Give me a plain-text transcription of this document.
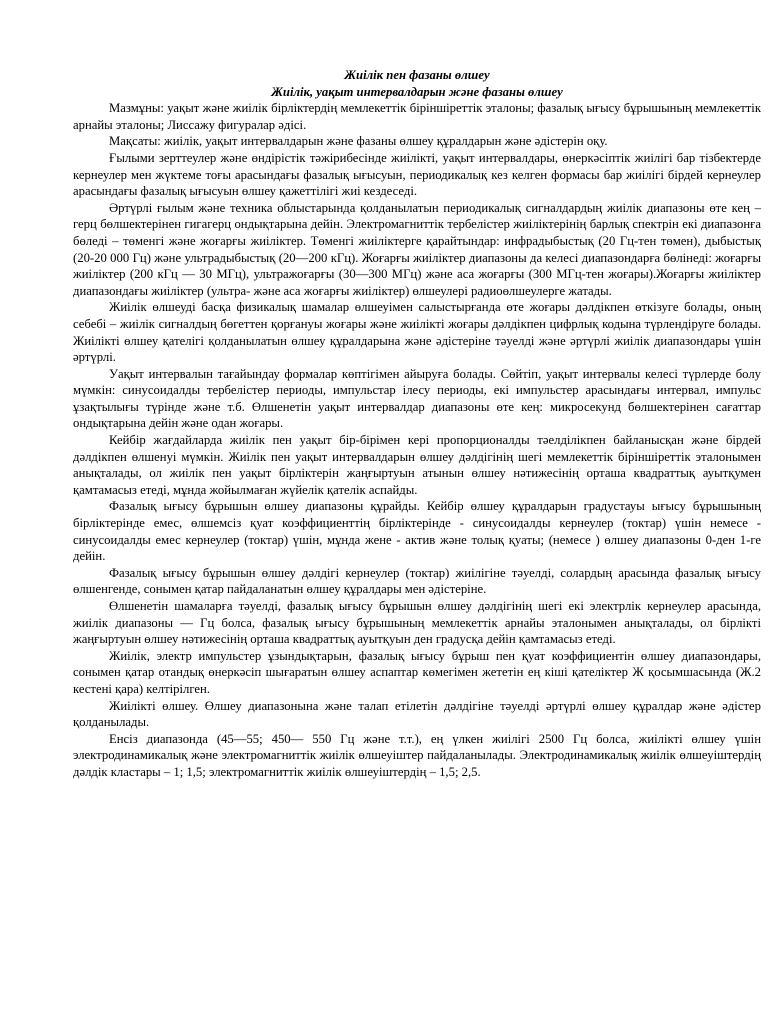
Жиілік пен фазаны өлшеу

Жиілік, уақыт интервалдарын және фазаны өлшеу

Мазмұны: уақыт және жиілік бірліктердің мемлекеттік біріншіреттік эталоны; фазалық ығысу бұрышының мемлекеттік арнайы эталоны; Лиссажу фигуралар әдісі.

Мақсаты: жиілік, уақыт интервалдарын және фазаны өлшеу құралдарын және әдістерін оқу.

Ғылыми зерттеулер және өндірістік тәжірибесінде жиілікті, уақыт интервалдары, өнеркәсіптік жиілігі бар тізбектерде кернеулер мен жүктеме тоғы арасындағы фазалық ығысуын, периодикалық кез келген формасы бар жиілігі бірдей кернеулер арасындағы фазалық ығысуын өлшеу қажеттілігі жиі кездеседі.

Әртүрлі ғылым және техника облыстарында қолданылатын периодикалық сигналдардың жиілік диапазоны өте кең – герц бөлшектерінен гигагерц ондықтарына дейін. Электромагниттік тербелістер жиіліктерінің барлық спектрін екі диапазонға бөледі – төменгі және жоғарғы жиіліктер. Төменгі жиіліктерге қарайтындар: инфрадыбыстық (20 Гц-тен төмен), дыбыстық (20-20 000 Гц) және ультрадыбыстық (20—200 кГц). Жоғарғы жиіліктер диапазоны да келесі диапазондарға бөлінеді: жоғарғы жиіліктер (200 кГц — 30 МГц), ультражоғарғы (30—300 МГц) және аса жоғарғы (300 МГц-тен жоғары).Жоғарғы жиіліктер диапазондағы жиіліктер (ультра- және аса жоғарғы жиіліктер) өлшеулері радиоөлшеулерге жатады.

Жиілік өлшеуді басқа физикалық шамалар өлшеуімен салыстырғанда өте жоғары дәлдікпен өткізуге болады, оның себебі – жиілік сигналдың бөгеттен қорғануы жоғары және жиілікті жоғары дәлдікпен цифрлық кодына түрлендіруге болады. Жиілікті өлшеу қателігі қолданылатын өлшеу құралдарына және әдістеріне тәуелді және әртүрлі жиілік диапазондары үшін әртүрлі.

Уақыт интервалын тағайындау формалар көптігімен айыруға болады. Сөйтіп, уақыт интервалы келесі түрлерде болу мүмкін: синусоидалды тербелістер периоды, импульстар ілесу периоды, екі импульстер арасындағы интервал, импульс ұзақтылығы түрінде және т.б. Өлшенетін уақыт интервалдар диапазоны өте кең: микросекунд бөлшектерінен сағаттар ондықтарына дейін және одан жоғары.

Кейбір жағдайларда жиілік пен уақыт бір-бірімен кері пропорционалды тәелділікпен байланысқан және бірдей дәлдікпен өлшенуі мүмкін. Жиілік пен уақыт интервалдарын өлшеу дәлдігінің шегі мемлекеттік біріншіреттік эталонымен анықталады, ол жиілік пен уақыт бірліктерін жаңғыртуын атынын өлшеу нәтижесінің орташа квадраттық ауытқумен қамтамасыз етеді, мұнда жойылмаған жүйелік қателік аспайды.

Фазалық ығысу бұрышын өлшеу диапазоны құрайды. Кейбір өлшеу құралдарын градустауы ығысу бұрышының бірліктерінде емес, өлшемсіз қуат коэффициенттің бірліктерінде - синусоидалды кернеулер (токтар) үшін немесе - синусоидалды емес кернеулер (токтар) үшін, мұнда жене - актив және толық қуаты; (немесе ) өлшеу диапазоны 0-ден 1-ге дейін.

Фазалық ығысу бұрышын өлшеу дәлдігі кернеулер (токтар) жиілігіне тәуелді, солардың арасында фазалық ығысу өлшенгенде, сонымен қатар пайдаланатын өлшеу құралдары мен әдістеріне.

Өлшенетін шамаларға тәуелді, фазалық ығысу бұрышын өлшеу дәлдігінің шегі екі электрлік кернеулер арасында, жиілік диапазоны — Гц болса, фазалық ығысу бұрышының мемлекеттік арнайы эталонымен анықталады, ол бірлікті жаңғыртуын өлшеу нәтижесінің орташа квадраттық ауытқуын ден градусқа дейін қамтамасыз етеді.

Жиілік, электр импульстер ұзындықтарын, фазалық ығысу бұрыш пен қуат коэффициентін өлшеу диапазондары, сонымен қатар отандық өнеркәсіп шығаратын өлшеу аспаптар көмегімен жететін ең кіші қателіктер Ж қосымшасында (Ж.2 кестені қара) келтірілген.

Жиілікті өлшеу. Өлшеу диапазонына және талап етілетін дәлдігіне тәуелді әртүрлі өлшеу құралдар және әдістер қолданылады.

Енсіз диапазонда (45—55; 450— 550 Гц және т.т.), ең үлкен жиілігі 2500 Гц болса, жиілікті өлшеу үшін электродинамикалық және электромагниттік жиілік өлшеуіштер пайдаланылады. Электродинамикалық жиілік өлшеуіштердің дәлдік кластары – 1; 1,5; электромагниттік жиілік өлшеуіштердің – 1,5; 2,5.
